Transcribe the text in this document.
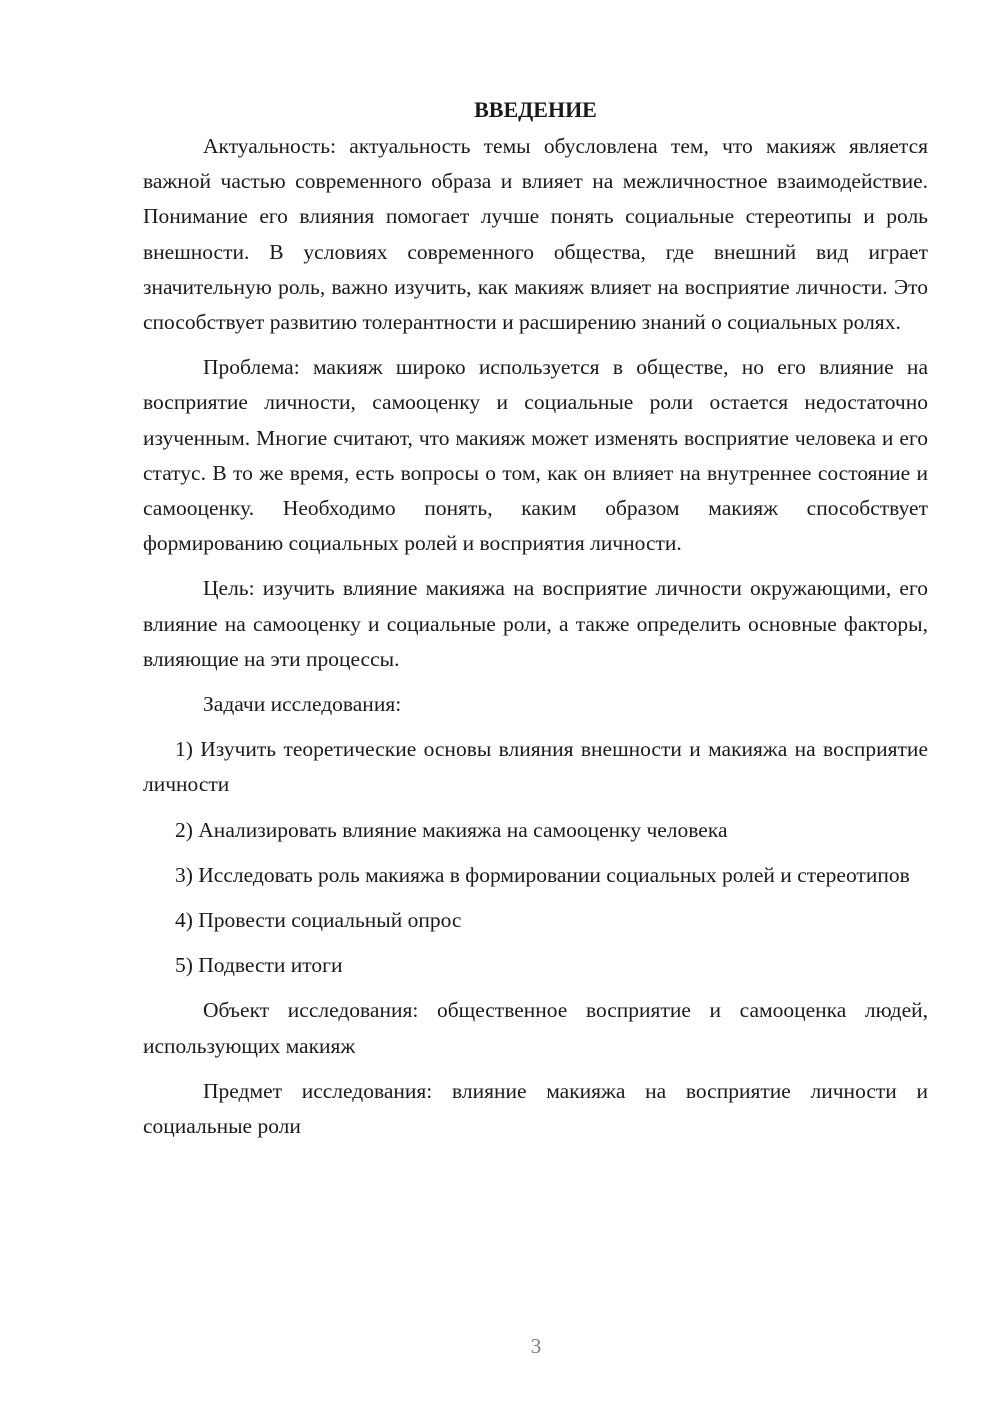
ВВЕДЕНИЕ

Актуальность: актуальность темы обусловлена тем, что макияж является важной частью современного образа и влияет на межличностное взаимодействие. Понимание его влияния помогает лучше понять социальные стереотипы и роль внешности. В условиях современного общества, где внешний вид играет значительную роль, важно изучить, как макияж влияет на восприятие личности. Это способствует развитию толерантности и расширению знаний о социальных ролях.

Проблема: макияж широко используется в обществе, но его влияние на восприятие личности, самооценку и социальные роли остается недостаточно изученным. Многие считают, что макияж может изменять восприятие человека и его статус. В то же время, есть вопросы о том, как он влияет на внутреннее состояние и самооценку. Необходимо понять, каким образом макияж способствует формированию социальных ролей и восприятия личности.

Цель: изучить влияние макияжа на восприятие личности окружающими, его влияние на самооценку и социальные роли, а также определить основные факторы, влияющие на эти процессы.

Задачи исследования:

1) Изучить теоретические основы влияния внешности и макияжа на восприятие личности

2) Анализировать влияние макияжа на самооценку человека

3) Исследовать роль макияжа в формировании социальных ролей и стереотипов

4) Провести социальный опрос

5) Подвести итоги

Объект исследования: общественное восприятие и самооценка людей, использующих макияж

Предмет исследования: влияние макияжа на восприятие личности и социальные роли

3
